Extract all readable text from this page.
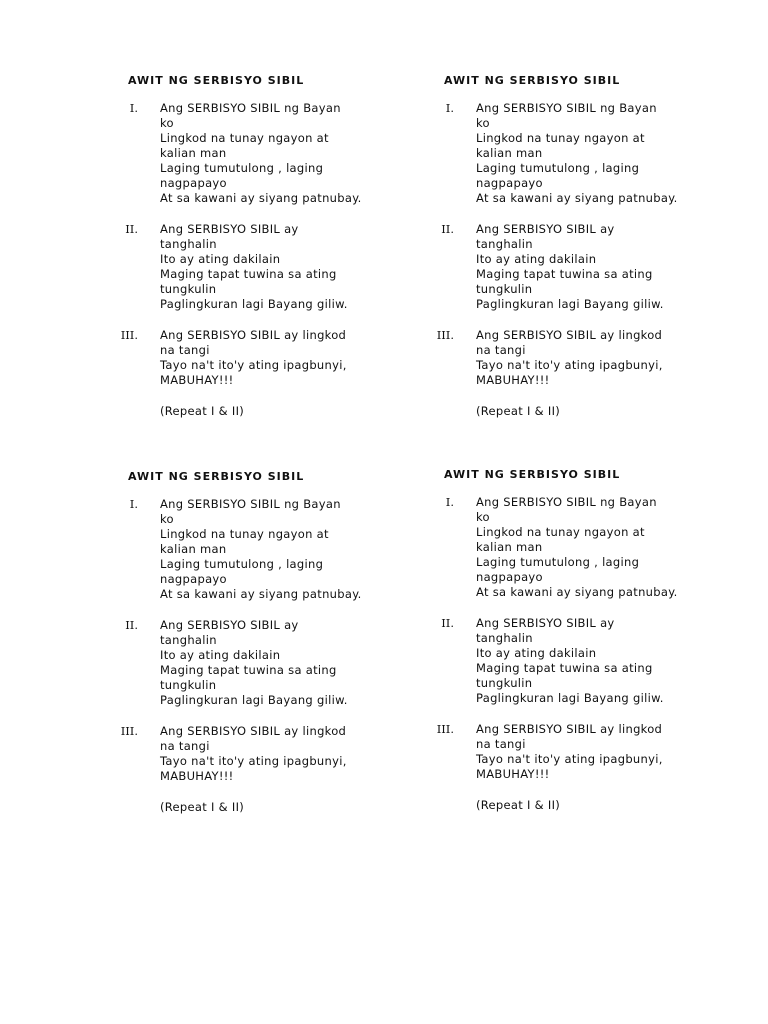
AWIT NG SERBISYO SIBIL
I.	Ang SERBISYO SIBIL ng Bayan
ko
Lingkod na tunay ngayon at
kalian man
Laging tumutulong , laging
nagpapayo
At sa kawani ay siyang patnubay.
II.	Ang SERBISYO SIBIL ay
tanghalin
Ito ay ating dakilain
Maging tapat tuwina sa ating
tungkulin
Paglingkuran lagi Bayang giliw.
III.	Ang SERBISYO SIBIL ay lingkod
na tangi
Tayo na't ito'y ating ipagbunyi,
MABUHAY!!!
(Repeat I & II)
AWIT NG SERBISYO SIBIL
I.	Ang SERBISYO SIBIL ng Bayan
ko
Lingkod na tunay ngayon at
kalian man
Laging tumutulong , laging
nagpapayo
At sa kawani ay siyang patnubay.
II.	Ang SERBISYO SIBIL ay
tanghalin
Ito ay ating dakilain
Maging tapat tuwina sa ating
tungkulin
Paglingkuran lagi Bayang giliw.
III.	Ang SERBISYO SIBIL ay lingkod
na tangi
Tayo na't ito'y ating ipagbunyi,
MABUHAY!!!
(Repeat I & II)
AWIT NG SERBISYO SIBIL
I.	Ang SERBISYO SIBIL ng Bayan
ko
Lingkod na tunay ngayon at
kalian man
Laging tumutulong , laging
nagpapayo
At sa kawani ay siyang patnubay.
II.	Ang SERBISYO SIBIL ay
tanghalin
Ito ay ating dakilain
Maging tapat tuwina sa ating
tungkulin
Paglingkuran lagi Bayang giliw.
III.	Ang SERBISYO SIBIL ay lingkod
na tangi
Tayo na't ito'y ating ipagbunyi,
MABUHAY!!!
(Repeat I & II)
AWIT NG SERBISYO SIBIL
I.	Ang SERBISYO SIBIL ng Bayan
ko
Lingkod na tunay ngayon at
kalian man
Laging tumutulong , laging
nagpapayo
At sa kawani ay siyang patnubay.
II.	Ang SERBISYO SIBIL ay
tanghalin
Ito ay ating dakilain
Maging tapat tuwina sa ating
tungkulin
Paglingkuran lagi Bayang giliw.
III.	Ang SERBISYO SIBIL ay lingkod
na tangi
Tayo na't ito'y ating ipagbunyi,
MABUHAY!!!
(Repeat I & II)
